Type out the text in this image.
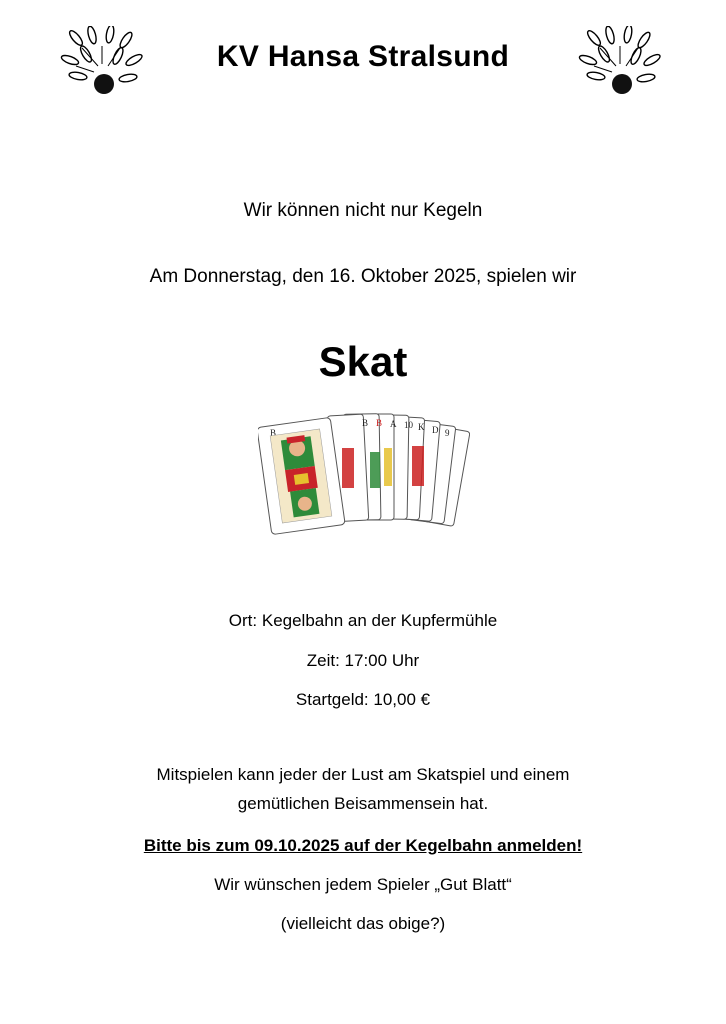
KV Hansa Stralsund
Wir können nicht nur Kegeln
Am Donnerstag, den 16. Oktober 2025, spielen wir
Skat
B B A 10 K D 9
B
Ort: Kegelbahn an der Kupfermühle
Zeit: 17:00 Uhr
Startgeld: 10,00 €
Mitspielen kann jeder der Lust am Skatspiel und einem
gemütlichen Beisammensein hat.
Bitte bis zum 09.10.2025 auf der Kegelbahn anmelden!
Wir wünschen jedem Spieler „Gut Blatt“
(vielleicht das obige?)
